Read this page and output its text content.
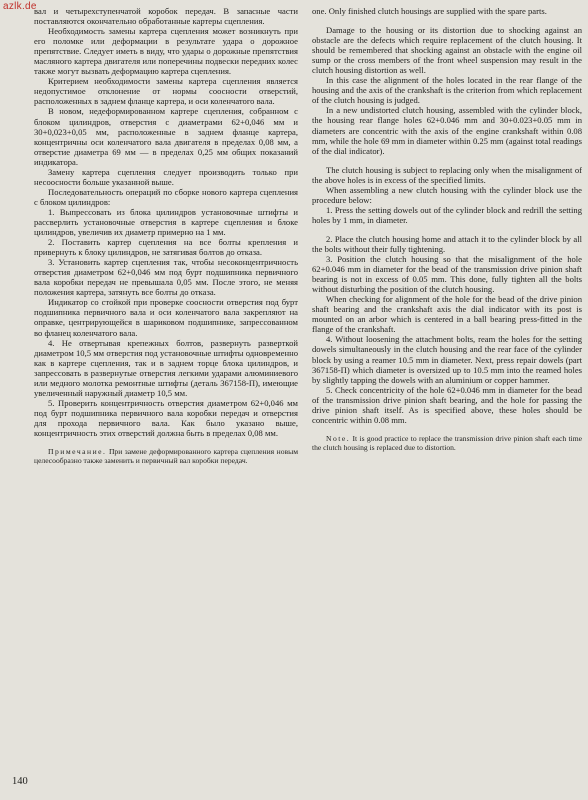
azlk.de

вал и четырехступенчатой коробок передач. В запасные части поставляются окончательно обработанные картеры сцепления.

Необходимость замены картера сцепления может возникнуть при его поломке или деформации в результате удара о дорожное препятствие. Следует иметь в виду, что удары о дорожные препятствия масляного картера двигателя или поперечины подвески передних колес также могут вызвать деформацию картера сцепления.

Критерием необходимости замены картера сцепления является недопустимое отклонение от нормы соосности отверстий, расположенных в заднем фланце картера, и оси коленчатого вала.

В новом, недеформированном картере сцепления, собранном с блоком цилиндров, отверстия с диаметрами 62+0,046 мм и 30+0,023+0,05 мм, расположенные в заднем фланце картера, концентричны оси коленчатого вала двигателя в пределах 0,08 мм, а отверстие диаметра 69 мм — в пределах 0,25 мм общих показаний индикатора.

Замену картера сцепления следует производить только при несоосности больше указанной выше.

Последовательность операций по сборке нового картера сцепления с блоком цилиндров:

1. Выпрессовать из блока цилиндров установочные штифты и рассверлить установочные отверстия в картере сцепления и блоке цилиндров, увеличив их диаметр примерно на 1 мм.

2. Поставить картер сцепления на все болты крепления и привернуть к блоку цилиндров, не затягивая болтов до отказа.

3. Установить картер сцепления так, чтобы несоконцентричность отверстия диаметром 62+0,046 мм под бурт подшипника первичного вала коробки передач не превышала 0,05 мм. После этого, не меняя положения картера, затянуть все болты до отказа.

Индикатор со стойкой при проверке соосности отверстия под бурт подшипника первичного вала и оси коленчатого вала закрепляют на оправке, центрирующейся в шариковом подшипнике, запрессованном во фланец коленчатого вала.

4. Не отвертывая крепежных болтов, развернуть разверткой диаметром 10,5 мм отверстия под установочные штифты одновременно как в картере сцепления, так и в заднем торце блока цилиндров, и запрессовать в развернутые отверстия легкими ударами алюминиевого или медного молотка ремонтные штифты (деталь 367158-П), имеющие увеличенный наружный диаметр 10,5 мм.

5. Проверить концентричность отверстия диаметром 62+0,046 мм под бурт подшипника первичного вала коробки передач и отверстия для прохода первичного вала. Как было указано выше, концентричность этих отверстий должна быть в пределах 0,08 мм.

Примечание. При замене деформированного картера сцепления новым целесообразно также заменить и первичный вал коробки передач.

one. Only finished clutch housings are supplied with the spare parts.

Damage to the housing or its distortion due to shocking against an obstacle are the defects which require replacement of the clutch housing. It should be remembered that shocking against an obstacle with the engine oil sump or the cross members of the front wheel suspension may result in the clutch housing distortion as well.

In this case the alignment of the holes located in the rear flange of the housing and the axis of the crankshaft is the criterion from which replacement of the clutch housing is judged.

In a new undistorted clutch housing, assembled with the cylinder block, the housing rear flange holes 62+0.046 mm and 30+0.023+0.05 mm in diameters are concentric with the axis of the engine crankshaft within 0.08 mm, while the hole 69 mm in diameter within 0.25 mm (against total readings of the dial indicator).

The clutch housing is subject to replacing only when the misalignment of the above holes is in excess of the specified limits.

When assembling a new clutch housing with the cylinder block use the procedure below:

1. Press the setting dowels out of the cylinder block and redrill the setting holes by 1 mm, in diameter.

2. Place the clutch housing home and attach it to the cylinder block by all the bolts without their fully tightening.

3. Position the clutch housing so that the misalignment of the hole 62+0.046 mm in diameter for the bead of the transmission drive pinion shaft bearing is not in excess of 0.05 mm. This done, fully tighten all the bolts without disturbing the position of the clutch housing.

When checking for alignment of the hole for the bead of the drive pinion shaft bearing and the crankshaft axis the dial indicator with its post is mounted on an arbor which is centered in a ball bearing press-fitted in the flange of the crankshaft.

4. Without loosening the attachment bolts, ream the holes for the setting dowels simultaneously in the clutch housing and the rear face of the cylinder block by using a reamer 10.5 mm in diameter. Next, press repair dowels (part 367158-П) which diameter is oversized up to 10.5 mm into the reamed holes by slightly tapping the dowels with an aluminium or copper hammer.

5. Check concentricity of the hole 62+0.046 mm in diameter for the bead of the transmission drive pinion shaft bearing, and the hole for passing the drive pinion shaft itself. As is specified above, these holes should be concentric within 0.08 mm.

Note. It is good practice to replace the transmission drive pinion shaft each time the clutch housing is replaced due to distortion.

140
